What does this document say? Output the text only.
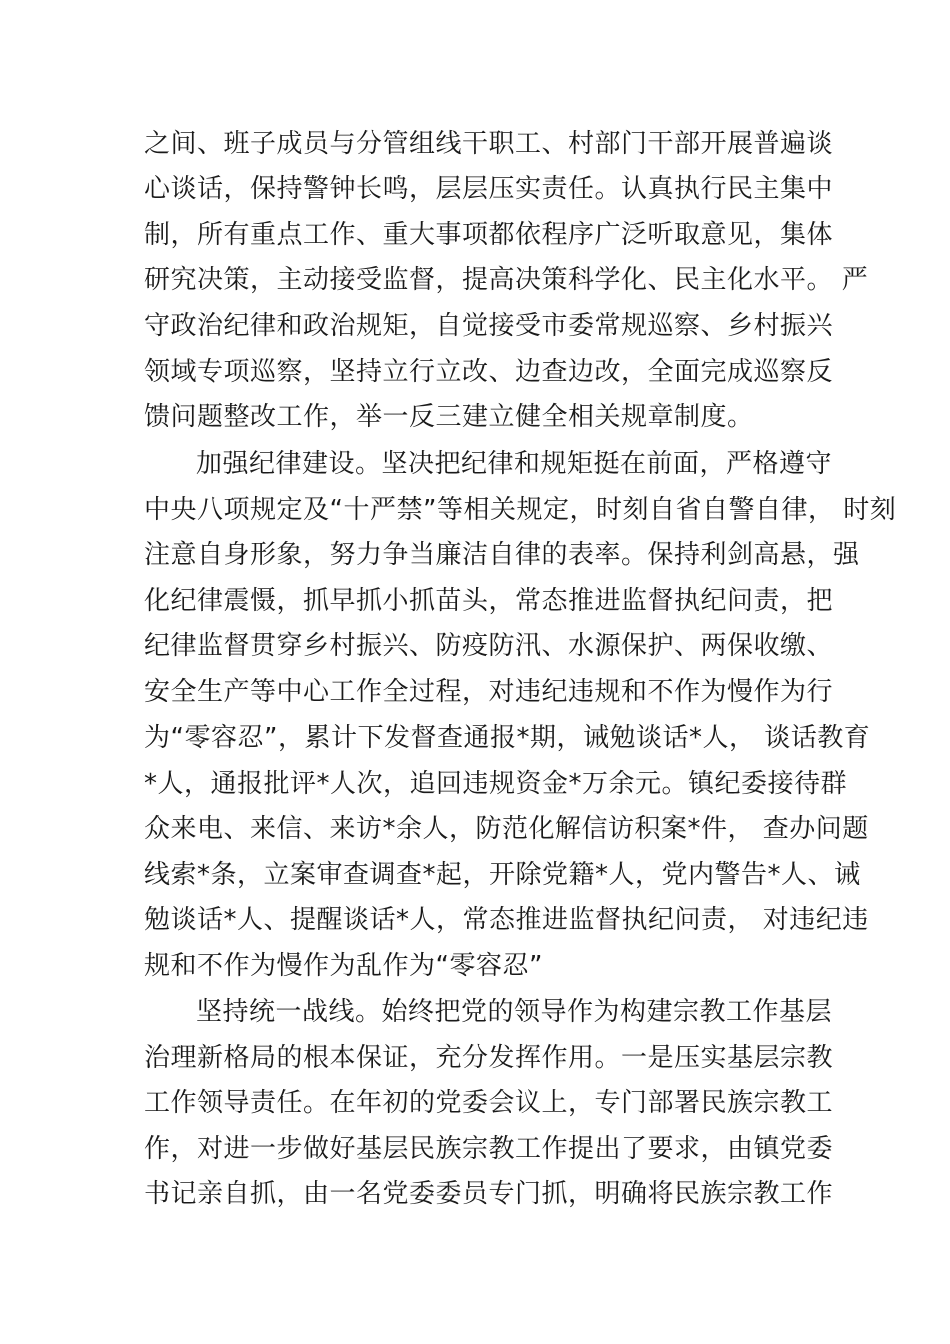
之间、班子成员与分管组线干职工、村部门干部开展普遍谈
心谈话，保持警钟长鸣，层层压实责任。认真执行民主集中
制，所有重点工作、重大事项都依程序广泛听取意见，集体
研究决策，主动接受监督，提高决策科学化、民主化水平。 严
守政治纪律和政治规矩，自觉接受市委常规巡察、乡村振兴
领域专项巡察，坚持立行立改、边查边改，全面完成巡察反
馈问题整改工作，举一反三建立健全相关规章制度。
加强纪律建设。坚决把纪律和规矩挺在前面，严格遵守
中央八项规定及“十严禁”等相关规定，时刻自省自警自律， 时刻
注意自身形象，努力争当廉洁自律的表率。保持利剑高悬，强
化纪律震慑，抓早抓小抓苗头，常态推进监督执纪问责，把
纪律监督贯穿乡村振兴、防疫防汛、水源保护、两保收缴、
安全生产等中心工作全过程，对违纪违规和不作为慢作为行
为“零容忍”，累计下发督查通报*期，诫勉谈话*人， 谈话教育
*人，通报批评*人次，追回违规资金*万余元。镇纪委接待群
众来电、来信、来访*余人，防范化解信访积案*件， 查办问题
线索*条，立案审查调查*起，开除党籍*人，党内警告*人、诫
勉谈话*人、提醒谈话*人，常态推进监督执纪问责， 对违纪违
规和不作为慢作为乱作为“零容忍”
坚持统一战线。始终把党的领导作为构建宗教工作基层
治理新格局的根本保证，充分发挥作用。一是压实基层宗教
工作领导责任。在年初的党委会议上，专门部署民族宗教工
作，对进一步做好基层民族宗教工作提出了要求，由镇党委
书记亲自抓，由一名党委委员专门抓，明确将民族宗教工作
